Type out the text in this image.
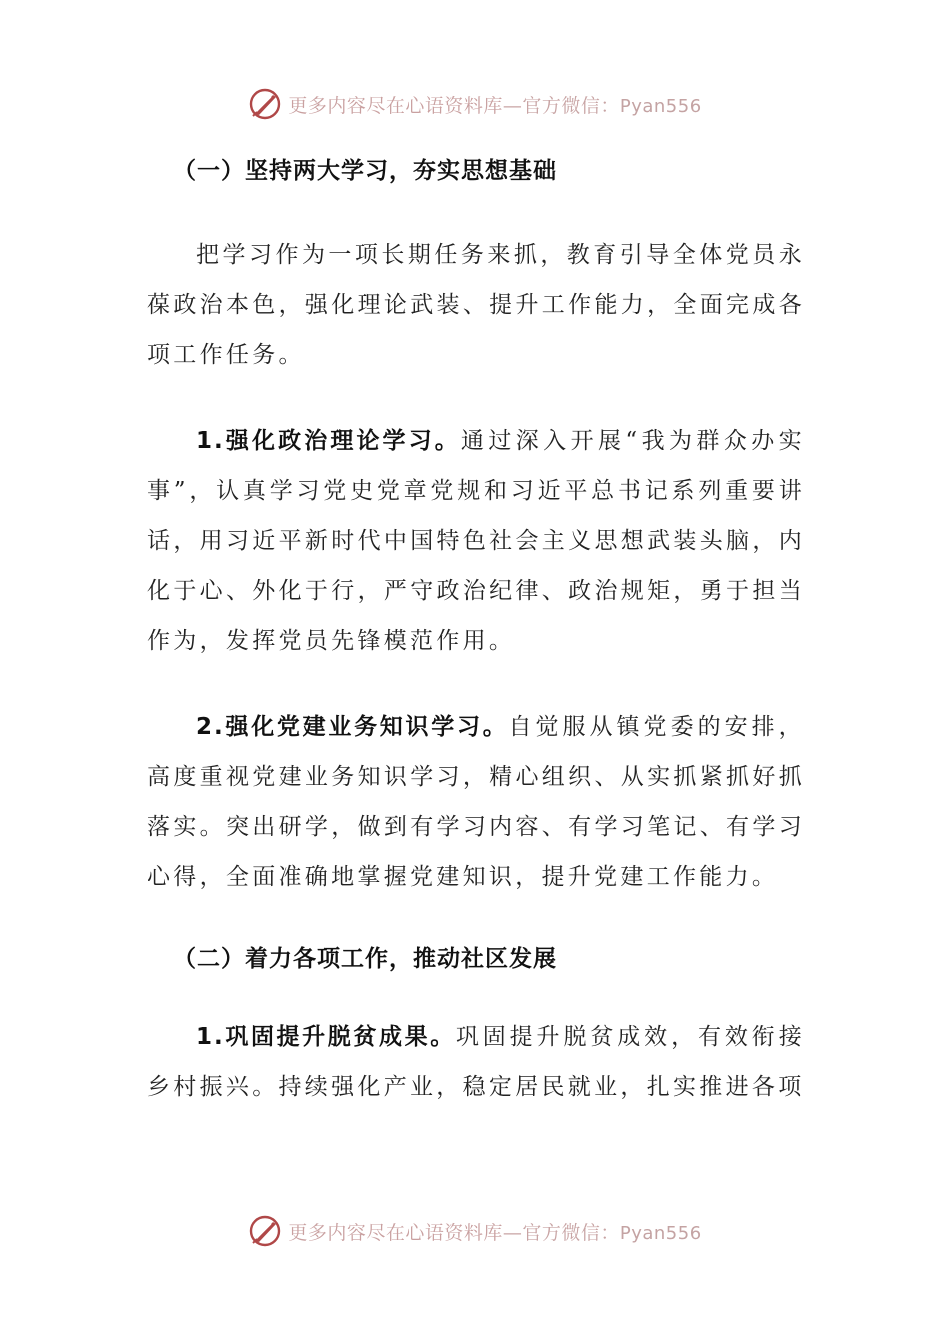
更多内容尽在心语资料库—官方微信：Pyan556
（一）坚持两大学习，夯实思想基础

把学习作为一项长期任务来抓，教育引导全体党员永葆政治本色，强化理论武装、提升工作能力，全面完成各项工作任务。

1.强化政治理论学习。通过深入开展“我为群众办实事”，认真学习党史党章党规和习近平总书记系列重要讲话，用习近平新时代中国特色社会主义思想武装头脑，内化于心、外化于行，严守政治纪律、政治规矩，勇于担当作为，发挥党员先锋模范作用。

2.强化党建业务知识学习。自觉服从镇党委的安排，高度重视党建业务知识学习，精心组织、从实抓紧抓好抓落实。突出研学，做到有学习内容、有学习笔记、有学习心得，全面准确地掌握党建知识，提升党建工作能力。

（二）着力各项工作，推动社区发展

1.巩固提升脱贫成果。巩固提升脱贫成效，有效衔接乡村振兴。持续强化产业，稳定居民就业，扎实推进各项

更多内容尽在心语资料库—官方微信：Pyan556
